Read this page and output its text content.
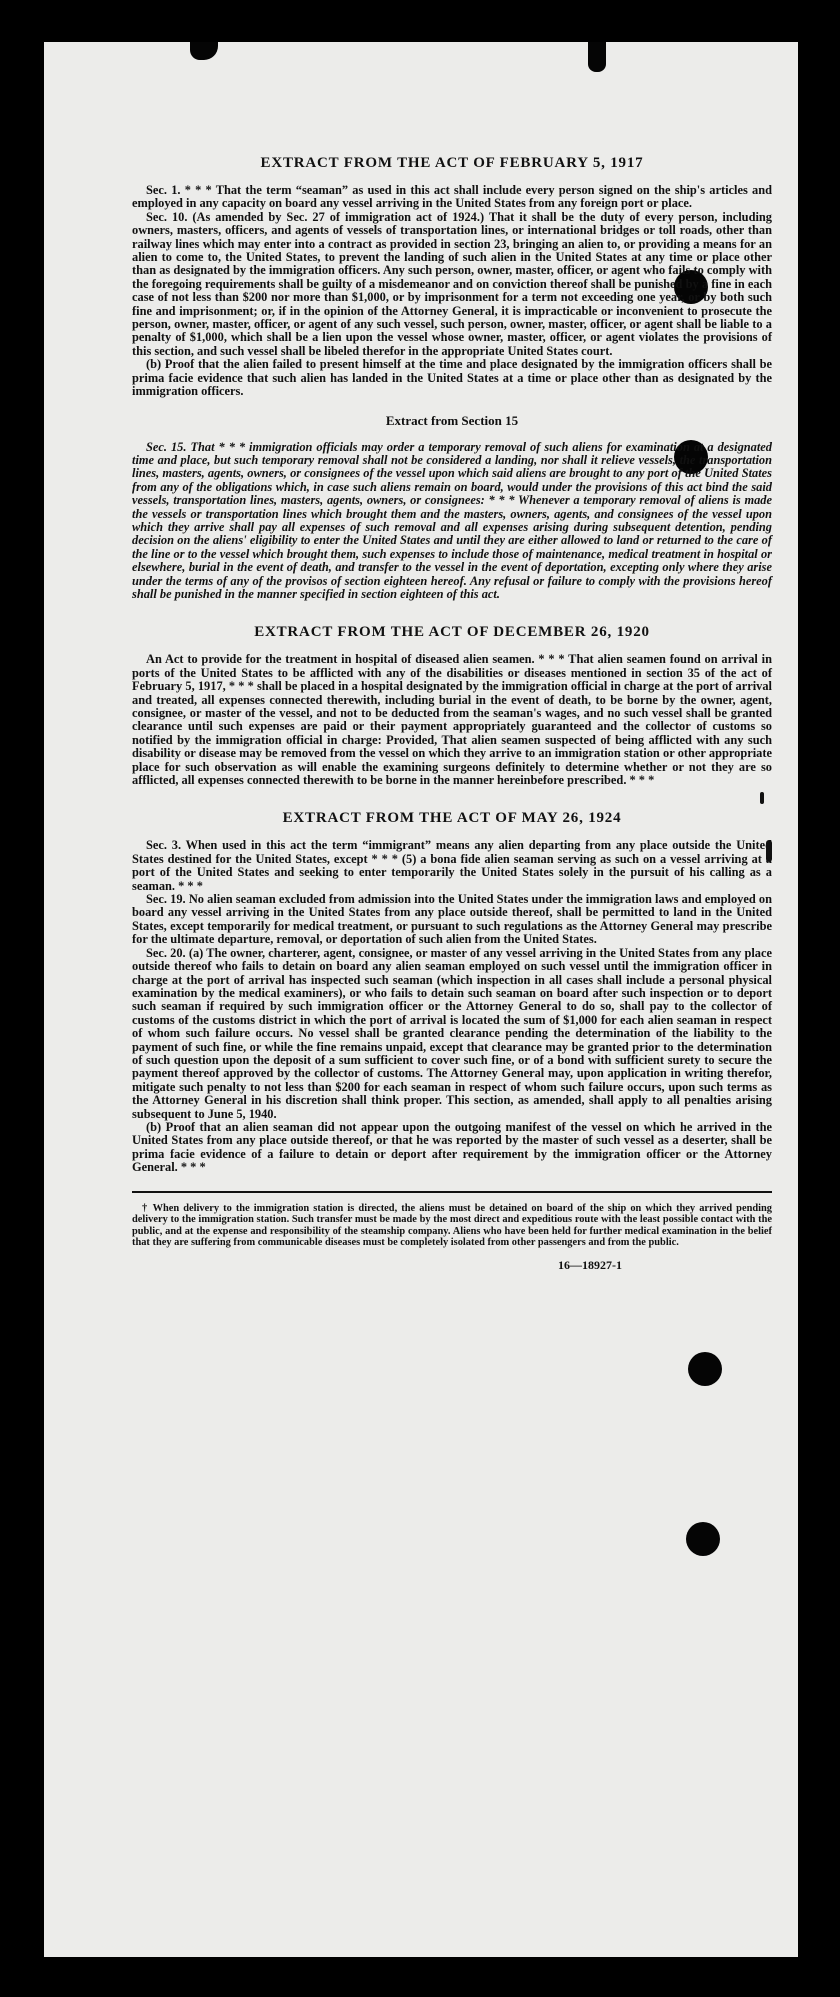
EXTRACT FROM THE ACT OF FEBRUARY 5, 1917

Sec. 1. * * * That the term “seaman” as used in this act shall include every person signed on the ship's articles and employed in any capacity on board any vessel arriving in the United States from any foreign port or place.

Sec. 10. (As amended by Sec. 27 of immigration act of 1924.) That it shall be the duty of every person, including owners, masters, officers, and agents of vessels of transportation lines, or international bridges or toll roads, other than railway lines which may enter into a contract as provided in section 23, bringing an alien to, or providing a means for an alien to come to, the United States, to prevent the landing of such alien in the United States at any time or place other than as designated by the immigration officers. Any such person, owner, master, officer, or agent who fails to comply with the foregoing requirements shall be guilty of a misdemeanor and on conviction thereof shall be punished by a fine in each case of not less than $200 nor more than $1,000, or by imprisonment for a term not exceeding one year, or by both such fine and imprisonment; or, if in the opinion of the Attorney General, it is impracticable or inconvenient to prosecute the person, owner, master, officer, or agent of any such vessel, such person, owner, master, officer, or agent shall be liable to a penalty of $1,000, which shall be a lien upon the vessel whose owner, master, officer, or agent violates the provisions of this section, and such vessel shall be libeled therefor in the appropriate United States court.

(b) Proof that the alien failed to present himself at the time and place designated by the immigration officers shall be prima facie evidence that such alien has landed in the United States at a time or place other than as designated by the immigration officers.

Extract from Section 15

Sec. 15. That * * * immigration officials may order a temporary removal of such aliens for examination at a designated time and place, but such temporary removal shall not be considered a landing, nor shall it relieve vessels, the transportation lines, masters, agents, owners, or consignees of the vessel upon which said aliens are brought to any port of the United States from any of the obligations which, in case such aliens remain on board, would under the provisions of this act bind the said vessels, transportation lines, masters, agents, owners, or consignees: * * * Whenever a temporary removal of aliens is made the vessels or transportation lines which brought them and the masters, owners, agents, and consignees of the vessel upon which they arrive shall pay all expenses of such removal and all expenses arising during subsequent detention, pending decision on the aliens' eligibility to enter the United States and until they are either allowed to land or returned to the care of the line or to the vessel which brought them, such expenses to include those of maintenance, medical treatment in hospital or elsewhere, burial in the event of death, and transfer to the vessel in the event of deportation, excepting only where they arise under the terms of any of the provisos of section eighteen hereof. Any refusal or failure to comply with the provisions hereof shall be punished in the manner specified in section eighteen of this act.

EXTRACT FROM THE ACT OF DECEMBER 26, 1920

An Act to provide for the treatment in hospital of diseased alien seamen. * * * That alien seamen found on arrival in ports of the United States to be afflicted with any of the disabilities or diseases mentioned in section 35 of the act of February 5, 1917, * * * shall be placed in a hospital designated by the immigration official in charge at the port of arrival and treated, all expenses connected therewith, including burial in the event of death, to be borne by the owner, agent, consignee, or master of the vessel, and not to be deducted from the seaman's wages, and no such vessel shall be granted clearance until such expenses are paid or their payment appropriately guaranteed and the collector of customs so notified by the immigration official in charge: Provided, That alien seamen suspected of being afflicted with any such disability or disease may be removed from the vessel on which they arrive to an immigration station or other appropriate place for such observation as will enable the examining surgeons definitely to determine whether or not they are so afflicted, all expenses connected therewith to be borne in the manner hereinbefore prescribed. * * *

EXTRACT FROM THE ACT OF MAY 26, 1924

Sec. 3. When used in this act the term “immigrant” means any alien departing from any place outside the United States destined for the United States, except * * * (5) a bona fide alien seaman serving as such on a vessel arriving at a port of the United States and seeking to enter temporarily the United States solely in the pursuit of his calling as a seaman. * * *

Sec. 19. No alien seaman excluded from admission into the United States under the immigration laws and employed on board any vessel arriving in the United States from any place outside thereof, shall be permitted to land in the United States, except temporarily for medical treatment, or pursuant to such regulations as the Attorney General may prescribe for the ultimate departure, removal, or deportation of such alien from the United States.

Sec. 20. (a) The owner, charterer, agent, consignee, or master of any vessel arriving in the United States from any place outside thereof who fails to detain on board any alien seaman employed on such vessel until the immigration officer in charge at the port of arrival has inspected such seaman (which inspection in all cases shall include a personal physical examination by the medical examiners), or who fails to detain such seaman on board after such inspection or to deport such seaman if required by such immigration officer or the Attorney General to do so, shall pay to the collector of customs of the customs district in which the port of arrival is located the sum of $1,000 for each alien seaman in respect of whom such failure occurs. No vessel shall be granted clearance pending the determination of the liability to the payment of such fine, or while the fine remains unpaid, except that clearance may be granted prior to the determination of such question upon the deposit of a sum sufficient to cover such fine, or of a bond with sufficient surety to secure the payment thereof approved by the collector of customs. The Attorney General may, upon application in writing therefor, mitigate such penalty to not less than $200 for each seaman in respect of whom such failure occurs, upon such terms as the Attorney General in his discretion shall think proper. This section, as amended, shall apply to all penalties arising subsequent to June 5, 1940.

(b) Proof that an alien seaman did not appear upon the outgoing manifest of the vessel on which he arrived in the United States from any place outside thereof, or that he was reported by the master of such vessel as a deserter, shall be prima facie evidence of a failure to detain or deport after requirement by the immigration officer or the Attorney General. * * *

† When delivery to the immigration station is directed, the aliens must be detained on board of the ship on which they arrived pending delivery to the immigration station. Such transfer must be made by the most direct and expeditious route with the least possible contact with the public, and at the expense and responsibility of the steamship company. Aliens who have been held for further medical examination in the belief that they are suffering from communicable diseases must be completely isolated from other passengers and from the public.

16—18927-1
